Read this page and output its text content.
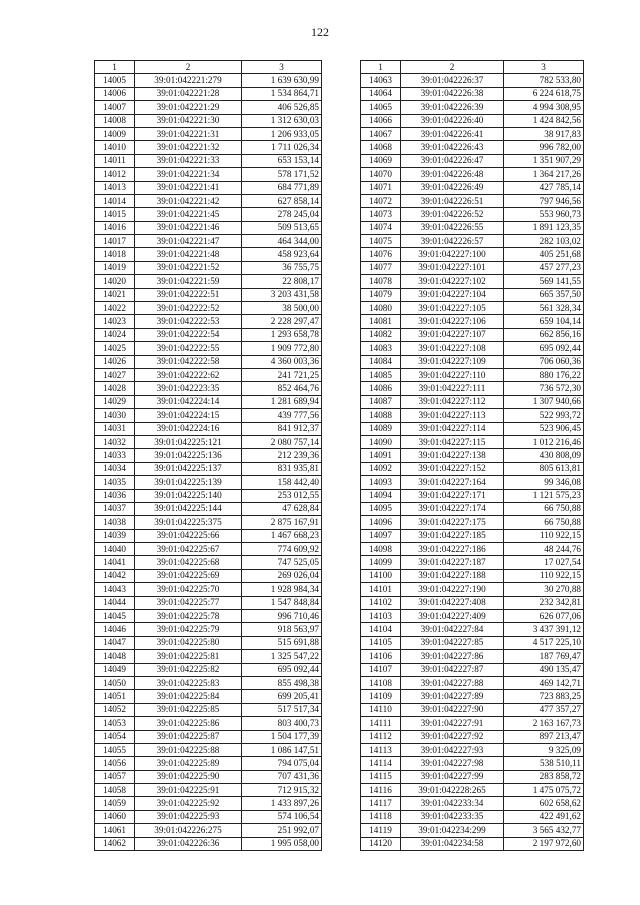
122
1	2	3
14005	39:01:042221:279	1 639 630,99
14006	39:01:042221:28	1 534 864,71
14007	39:01:042221:29	406 526,85
14008	39:01:042221:30	1 312 630,03
14009	39:01:042221:31	1 206 933,05
14010	39:01:042221:32	1 711 026,34
14011	39:01:042221:33	653 153,14
14012	39:01:042221:34	578 171,52
14013	39:01:042221:41	684 771,89
14014	39:01:042221:42	627 858,14
14015	39:01:042221:45	278 245,04
14016	39:01:042221:46	509 513,65
14017	39:01:042221:47	464 344,00
14018	39:01:042221:48	458 923,64
14019	39:01:042221:52	36 755,75
14020	39:01:042221:59	22 808,17
14021	39:01:042222:51	3 203 431,58
14022	39:01:042222:52	38 500,00
14023	39:01:042222:53	2 228 297,47
14024	39:01:042222:54	1 293 658,78
14025	39:01:042222:55	1 909 772,80
14026	39:01:042222:58	4 360 003,36
14027	39:01:042222:62	241 721,25
14028	39:01:042223:35	852 464,76
14029	39:01:042224:14	1 281 689,94
14030	39:01:042224:15	439 777,56
14031	39:01:042224:16	841 912,37
14032	39:01:042225:121	2 080 757,14
14033	39:01:042225:136	212 239,36
14034	39:01:042225:137	831 935,81
14035	39:01:042225:139	158 442,40
14036	39:01:042225:140	253 012,55
14037	39:01:042225:144	47 628,84
14038	39:01:042225:375	2 875 167,91
14039	39:01:042225:66	1 467 668,23
14040	39:01:042225:67	774 609,92
14041	39:01:042225:68	747 525,05
14042	39:01:042225:69	269 026,04
14043	39:01:042225:70	1 928 984,34
14044	39:01:042225:77	1 547 848,84
14045	39:01:042225:78	996 710,46
14046	39:01:042225:79	918 563,97
14047	39:01:042225:80	515 691,88
14048	39:01:042225:81	1 325 547,22
14049	39:01:042225:82	695 092,44
14050	39:01:042225:83	855 498,38
14051	39:01:042225:84	699 205,41
14052	39:01:042225:85	517 517,34
14053	39:01:042225:86	803 400,73
14054	39:01:042225:87	1 504 177,39
14055	39:01:042225:88	1 086 147,51
14056	39:01:042225:89	794 075,04
14057	39:01:042225:90	707 431,36
14058	39:01:042225:91	712 915,32
14059	39:01:042225:92	1 433 897,26
14060	39:01:042225:93	574 106,54
14061	39:01:042226:275	251 992,07
14062	39:01:042226:36	1 995 058,00
1	2	3
14063	39:01:042226:37	782 533,80
14064	39:01:042226:38	6 224 618,75
14065	39:01:042226:39	4 994 308,95
14066	39:01:042226:40	1 424 842,56
14067	39:01:042226:41	38 917,83
14068	39:01:042226:43	996 782,00
14069	39:01:042226:47	1 351 907,29
14070	39:01:042226:48	1 364 217,26
14071	39:01:042226:49	427 785,14
14072	39:01:042226:51	797 946,56
14073	39:01:042226:52	553 960,73
14074	39:01:042226:55	1 891 123,35
14075	39:01:042226:57	282 103,02
14076	39:01:042227:100	405 251,68
14077	39:01:042227:101	457 277,23
14078	39:01:042227:102	569 141,55
14079	39:01:042227:104	665 357,50
14080	39:01:042227:105	561 328,34
14081	39:01:042227:106	659 104,14
14082	39:01:042227:107	662 856,16
14083	39:01:042227:108	695 092,44
14084	39:01:042227:109	706 060,36
14085	39:01:042227:110	880 176,22
14086	39:01:042227:111	736 572,30
14087	39:01:042227:112	1 307 940,66
14088	39:01:042227:113	522 993,72
14089	39:01:042227:114	523 906,45
14090	39:01:042227:115	1 012 216,46
14091	39:01:042227:138	430 808,09
14092	39:01:042227:152	805 613,81
14093	39:01:042227:164	99 346,08
14094	39:01:042227:171	1 121 575,23
14095	39:01:042227:174	66 750,88
14096	39:01:042227:175	66 750,88
14097	39:01:042227:185	110 922,15
14098	39:01:042227:186	48 244,76
14099	39:01:042227:187	17 027,54
14100	39:01:042227:188	110 922,15
14101	39:01:042227:190	30 270,88
14102	39:01:042227:408	232 342,81
14103	39:01:042227:409	626 077,06
14104	39:01:042227:84	3 437 391,12
14105	39:01:042227:85	4 517 225,10
14106	39:01:042227:86	187 769,47
14107	39:01:042227:87	490 135,47
14108	39:01:042227:88	469 142,71
14109	39:01:042227:89	723 883,25
14110	39:01:042227:90	477 357,27
14111	39:01:042227:91	2 163 167,73
14112	39:01:042227:92	897 213,47
14113	39:01:042227:93	9 325,09
14114	39:01:042227:98	538 510,11
14115	39:01:042227:99	283 858,72
14116	39:01:042228:265	1 475 075,72
14117	39:01:042233:34	602 658,62
14118	39:01:042233:35	422 491,62
14119	39:01:042234:299	3 565 432,77
14120	39:01:042234:58	2 197 972,60
